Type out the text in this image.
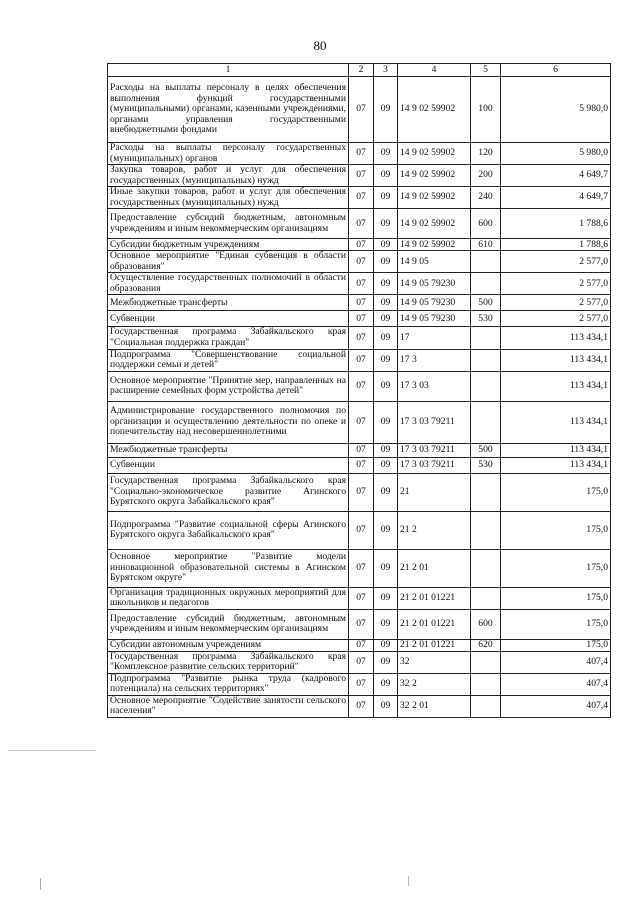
80
1	2	3	4	5	6
Расходы на выплаты персоналу в целях обеспечения выполнения функций государственными (муниципальными) органами, казенными учреждениями, органами управления государственными внебюджетными фондами	07	09	14 9 02 59902	100	5 980,0
Расходы на выплаты персоналу государственных (муниципальных) органов	07	09	14 9 02 59902	120	5 980,0
Закупка товаров, работ и услуг для обеспечения государственных (муниципальных) нужд	07	09	14 9 02 59902	200	4 649,7
Иные закупки товаров, работ и услуг для обеспечения государственных (муниципальных) нужд	07	09	14 9 02 59902	240	4 649,7
Предоставление субсидий бюджетным, автономным учреждениям и иным некоммерческим организациям	07	09	14 9 02 59902	600	1 788,6
Субсидии бюджетным учреждениям	07	09	14 9 02 59902	610	1 788,6
Основное мероприятие "Единая субвенция в области образования"	07	09	14 9 05		2 577,0
Осуществление государственных полномочий в области образования	07	09	14 9 05 79230		2 577,0
Межбюджетные трансферты	07	09	14 9 05 79230	500	2 577,0
Субвенции	07	09	14 9 05 79230	530	2 577,0
Государственная программа Забайкальского края "Социальная поддержка граждан"	07	09	17		113 434,1
Подпрограмма "Совершенствование социальной поддержки семьи и детей"	07	09	17 3		113 434,1
Основное мероприятие "Принятие мер, направленных на расширение семейных форм устройства детей"	07	09	17 3 03		113 434,1
Администрирование государственного полномочия по организации и осуществлению деятельности по опеке и попечительству над несовершеннолетними	07	09	17 3 03 79211		113 434,1
Межбюджетные трансферты	07	09	17 3 03 79211	500	113 434,1
Субвенции	07	09	17 3 03 79211	530	113 434,1
Государственная программа Забайкальского края "Социально-экономическое развитие Агинского Бурятского округа Забайкальского края"	07	09	21		175,0
Подпрограмма "Развитие социальной сферы Агинского Бурятского округа Забайкальского края"	07	09	21 2		175,0
Основное мероприятие "Развитие модели инновационной образовательной системы в Агинском Бурятском округе"	07	09	21 2 01		175,0
Организация традиционных окружных мероприятий для школьников и педагогов	07	09	21 2 01 01221		175,0
Предоставление субсидий бюджетным, автономным учреждениям и иным некоммерческим организациям	07	09	21 2 01 01221	600	175,0
Субсидии автономным учреждениям	07	09	21 2 01 01221	620	175,0
Государственная программа Забайкальского края "Комплексное развитие сельских территорий"	07	09	32		407,4
Подпрограмма "Развитие рынка труда (кадрового потенциала) на сельских территориях"	07	09	32 2		407,4
Основное мероприятие "Содействие занятости сельского населения"	07	09	32 2 01		407,4
